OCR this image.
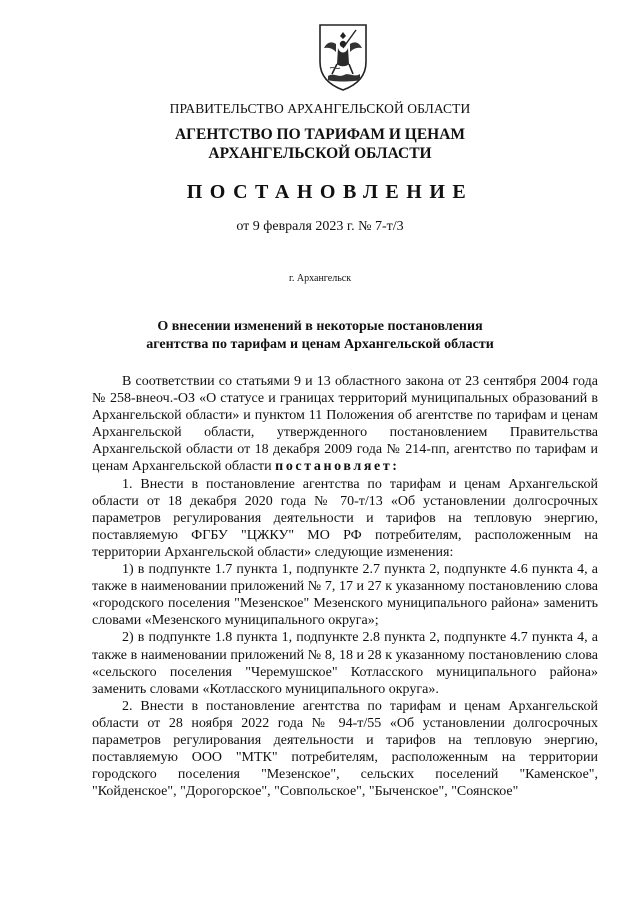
ПРАВИТЕЛЬСТВО АРХАНГЕЛЬСКОЙ ОБЛАСТИ
АГЕНТСТВО ПО ТАРИФАМ И ЦЕНАМ
АРХАНГЕЛЬСКОЙ ОБЛАСТИ
ПОСТАНОВЛЕНИЕ
от 9 февраля 2023 г. № 7-т/3
г. Архангельск
О внесении изменений в некоторые постановления
агентства по тарифам и ценам Архангельской области

В соответствии со статьями 9 и 13 областного закона от 23 сентября 2004 года № 258-внеоч.-ОЗ «О статусе и границах территорий муниципальных образований в Архангельской области» и пунктом 11 Положения об агентстве по тарифам и ценам Архангельской области, утвержденного постановлением Правительства Архангельской области от 18 декабря 2009 года № 214-пп, агентство по тарифам и ценам Архангельской области постановляет:

1. Внести в постановление агентства по тарифам и ценам Архангельской области от 18 декабря 2020 года № 70-т/13 «Об установлении долгосрочных параметров регулирования деятельности и тарифов на тепловую энергию, поставляемую ФГБУ "ЦЖКУ" МО РФ потребителям, расположенным на территории Архангельской области» следующие изменения:

1) в подпункте 1.7 пункта 1, подпункте 2.7 пункта 2, подпункте 4.6 пункта 4, а также в наименовании приложений № 7, 17 и 27 к указанному постановлению слова «городского поселения "Мезенское" Мезенского муниципального района» заменить словами «Мезенского муниципального округа»;

2) в подпункте 1.8 пункта 1, подпункте 2.8 пункта 2, подпункте 4.7 пункта 4, а также в наименовании приложений № 8, 18 и 28 к указанному постановлению слова «сельского поселения "Черемушское" Котласского муниципального района» заменить словами «Котласского муниципального округа».

2. Внести в постановление агентства по тарифам и ценам Архангельской области от 28 ноября 2022 года № 94-т/55 «Об установлении долгосрочных параметров регулирования деятельности и тарифов на тепловую энергию, поставляемую ООО "МТК" потребителям, расположенным на территории городского поселения "Мезенское", сельских поселений "Каменское", "Койденское", "Дорогорское", "Совпольское", "Быченское", "Соянское"
